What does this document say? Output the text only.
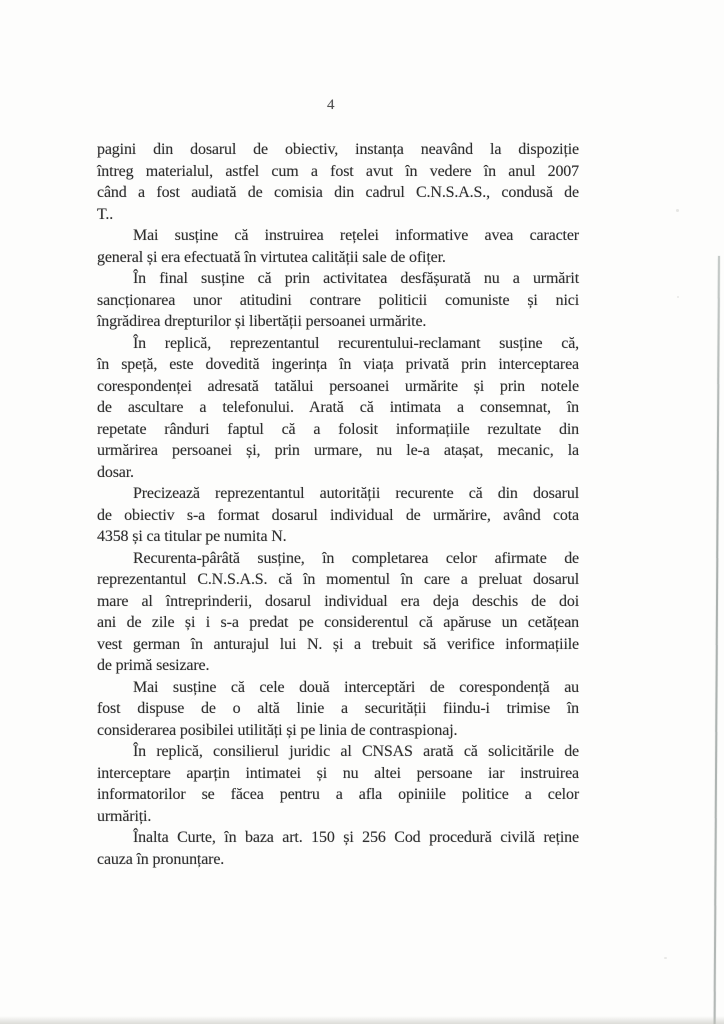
4
pagini din dosarul de obiectiv, instanța neavând la dispoziție
întreg materialul, astfel cum a fost avut în vedere în anul 2007
când a fost audiată de comisia din cadrul C.N.S.A.S., condusă de
T..
Mai susține că instruirea rețelei informative avea caracter
general și era efectuată în virtutea calității sale de ofițer.
În final susține că prin activitatea desfășurată nu a urmărit
sancționarea unor atitudini contrare politicii comuniste și nici
îngrădirea drepturilor și libertății persoanei urmărite.
În replică, reprezentantul recurentului-reclamant susține că,
în speță, este dovedită ingerința în viața privată prin interceptarea
corespondenței adresată tatălui persoanei urmărite și prin notele
de ascultare a telefonului. Arată că intimata a consemnat, în
repetate rânduri faptul că a folosit informațiile rezultate din
urmărirea persoanei și, prin urmare, nu le-a atașat, mecanic, la
dosar.
Precizează reprezentantul autorității recurente că din dosarul
de obiectiv s-a format dosarul individual de urmărire, având cota
4358 și ca titular pe numita N.
Recurenta-pârâtă susține, în completarea celor afirmate de
reprezentantul C.N.S.A.S. că în momentul în care a preluat dosarul
mare al întreprinderii, dosarul individual era deja deschis de doi
ani de zile și i s-a predat pe considerentul că apăruse un cetățean
vest german în anturajul lui N. și a trebuit să verifice informațiile
de primă sesizare.
Mai susține că cele două interceptări de corespondență au
fost dispuse de o altă linie a securității fiindu-i trimise în
considerarea posibilei utilități și pe linia de contraspionaj.
În replică, consilierul juridic al CNSAS arată că solicitările de
interceptare aparțin intimatei și nu altei persoane iar instruirea
informatorilor se făcea pentru a afla opiniile politice a celor
urmăriți.
Înalta Curte, în baza art. 150 și 256 Cod procedură civilă reține
cauza în pronunțare.
